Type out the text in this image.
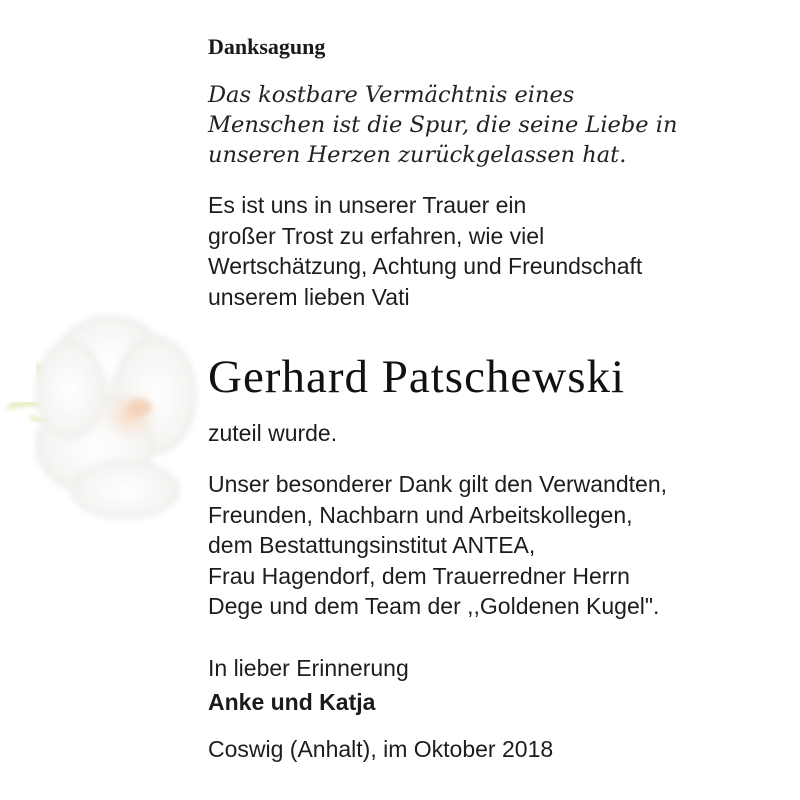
Danksagung

Das kostbare Vermächtnis eines
Menschen ist die Spur, die seine Liebe in
unseren Herzen zurückgelassen hat.
Es ist uns in unserer Trauer ein
großer Trost zu erfahren, wie viel
Wertschätzung, Achtung und Freundschaft
unserem lieben Vati

Gerhard Patschewski

zuteil wurde.

Unser besonderer Dank gilt den Verwandten,
Freunden, Nachbarn und Arbeitskollegen,
dem Bestattungsinstitut ANTEA,
Frau Hagendorf, dem Trauerredner Herrn
Dege und dem Team der ,,Goldenen Kugel".

In lieber Erinnerung

Anke und Katja

Coswig (Anhalt), im Oktober 2018
